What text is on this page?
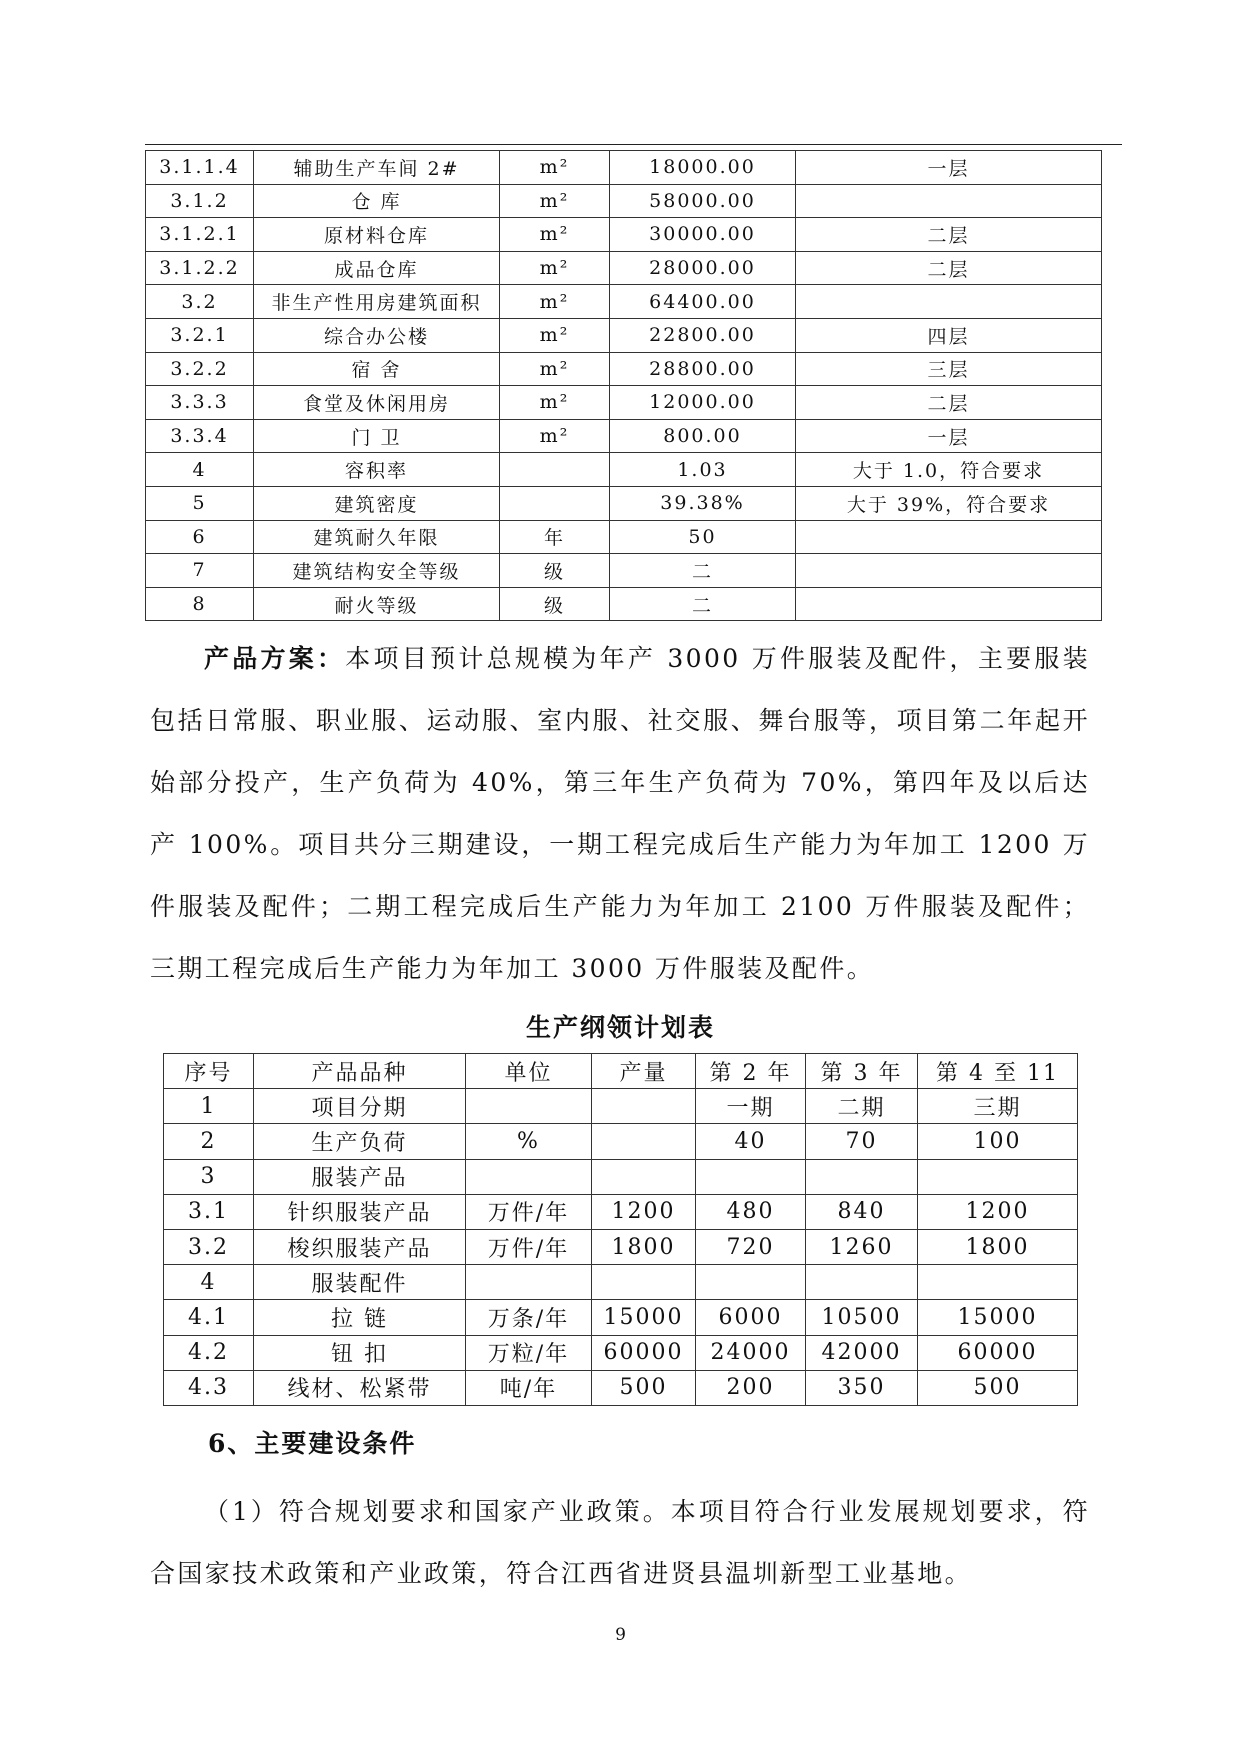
3.1.1.4	辅助生产车间 2#	m²	18000.00	一层
3.1.2	仓 库	m²	58000.00	
3.1.2.1	原材料仓库	m²	30000.00	二层
3.1.2.2	成品仓库	m²	28000.00	二层
3.2	非生产性用房建筑面积	m²	64400.00	
3.2.1	综合办公楼	m²	22800.00	四层
3.2.2	宿 舍	m²	28800.00	三层
3.3.3	食堂及休闲用房	m²	12000.00	二层
3.3.4	门 卫	m²	800.00	一层
4	容积率		1.03	大于 1.0，符合要求
5	建筑密度		39.38%	大于 39%，符合要求
6	建筑耐久年限	年	50	
7	建筑结构安全等级	级	二	
8	耐火等级	级	二	
产品方案：本项目预计总规模为年产 3000 万件服装及配件，主要服装包括日常服、职业服、运动服、室内服、社交服、舞台服等，项目第二年起开始部分投产，生产负荷为 40%，第三年生产负荷为 70%，第四年及以后达产 100%。项目共分三期建设，一期工程完成后生产能力为年加工 1200 万件服装及配件；二期工程完成后生产能力为年加工 2100 万件服装及配件；三期工程完成后生产能力为年加工 3000 万件服装及配件。
生产纲领计划表
序号	产品品种	单位	产量	第 2 年	第 3 年	第 4 至 11
1	项目分期			一期	二期	三期
2	生产负荷	%		40	70	100
3	服装产品					
3.1	针织服装产品	万件/年	1200	480	840	1200
3.2	梭织服装产品	万件/年	1800	720	1260	1800
4	服装配件					
4.1	拉 链	万条/年	15000	6000	10500	15000
4.2	钮 扣	万粒/年	60000	24000	42000	60000
4.3	线材、松紧带	吨/年	500	200	350	500
6、主要建设条件
（1）符合规划要求和国家产业政策。本项目符合行业发展规划要求，符合国家技术政策和产业政策，符合江西省进贤县温圳新型工业基地。
9
